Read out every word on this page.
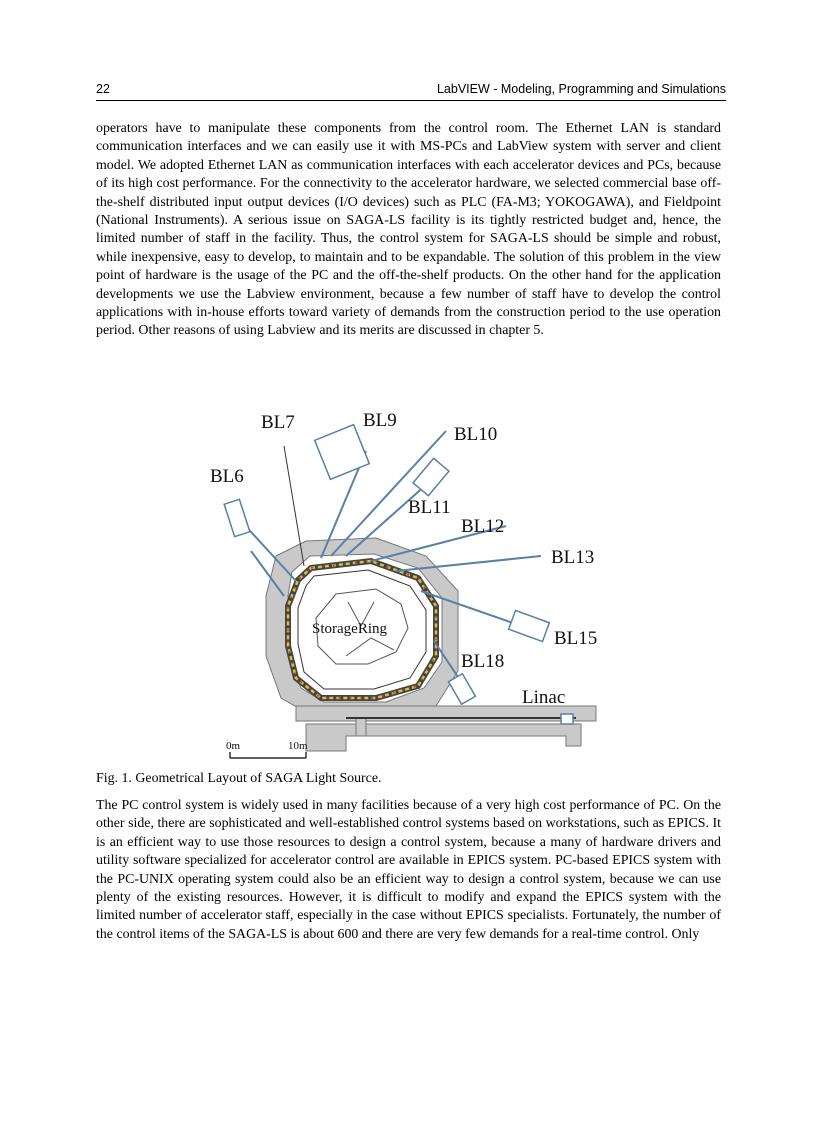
22	LabVIEW - Modeling, Programming and Simulations

operators have to manipulate these components from the control room. The Ethernet LAN is standard communication interfaces and we can easily use it with MS-PCs and LabView system with server and client model. We adopted Ethernet LAN as communication interfaces with each accelerator devices and PCs, because of its high cost performance. For the connectivity to the accelerator hardware, we selected commercial base off-the-shelf distributed input output devices (I/O devices) such as PLC (FA-M3; YOKOGAWA), and Fieldpoint (National Instruments). A serious issue on SAGA-LS facility is its tightly restricted budget and, hence, the limited number of staff in the facility. Thus, the control system for SAGA-LS should be simple and robust, while inexpensive, easy to develop, to maintain and to be expandable. The solution of this problem in the view point of hardware is the usage of the PC and the off-the-shelf products. On the other hand for the application developments we use the Labview environment, because a few number of staff have to develop the control applications with in-house efforts toward variety of demands from the construction period to the use operation period. Other reasons of using Labview and its merits are discussed in chapter 5.

BL7	BL9
BL10
BL6
BL11
BL12
BL13
BL15
BL18
StorageRing
Linac
0m	10m
Fig. 1. Geometrical Layout of SAGA Light Source.

The PC control system is widely used in many facilities because of a very high cost performance of PC. On the other side, there are sophisticated and well-established control systems based on workstations, such as EPICS. It is an efficient way to use those resources to design a control system, because a many of hardware drivers and utility software specialized for accelerator control are available in EPICS system. PC-based EPICS system with the PC-UNIX operating system could also be an efficient way to design a control system, because we can use plenty of the existing resources. However, it is difficult to modify and expand the EPICS system with the limited number of accelerator staff, especially in the case without EPICS specialists. Fortunately, the number of the control items of the SAGA-LS is about 600 and there are very few demands for a real-time control. Only
